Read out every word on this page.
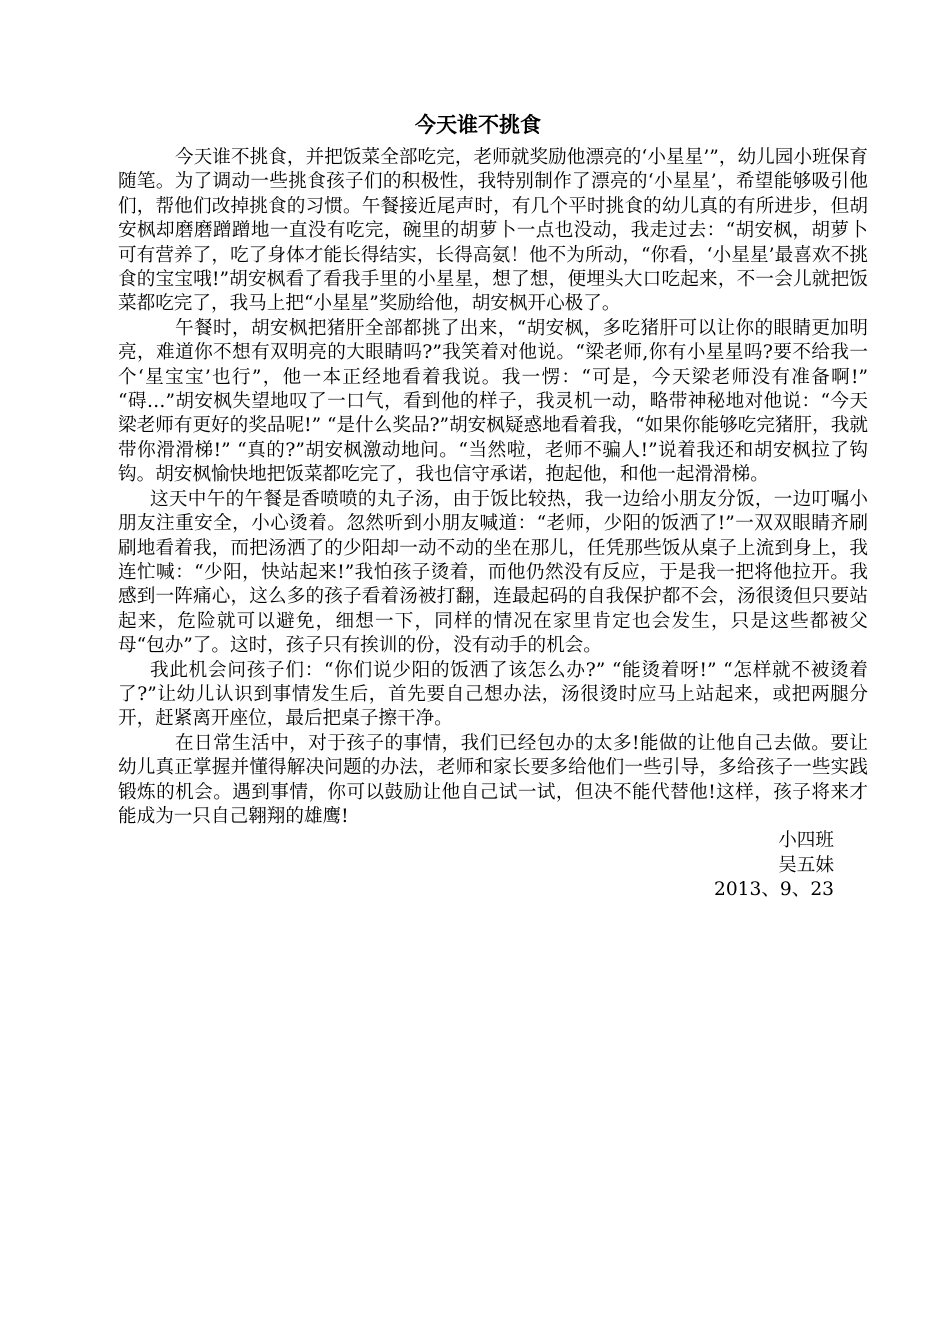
今天谁不挑食

今天谁不挑食，并把饭菜全部吃完，老师就奖励他漂亮的‘小星星’”，幼儿园小班保育随笔。为了调动一些挑食孩子们的积极性，我特别制作了漂亮的‘小星星’，希望能够吸引他们，帮他们改掉挑食的习惯。午餐接近尾声时，有几个平时挑食的幼儿真的有所进步，但胡安枫却磨磨蹭蹭地一直没有吃完，碗里的胡萝卜一点也没动，我走过去：“胡安枫，胡萝卜可有营养了，吃了身体才能长得结实，长得高氨！他不为所动，“你看，‘小星星’最喜欢不挑食的宝宝哦!”胡安枫看了看我手里的小星星，想了想，便埋头大口吃起来，不一会儿就把饭菜都吃完了，我马上把“小星星”奖励给他，胡安枫开心极了。

午餐时，胡安枫把猪肝全部都挑了出来，“胡安枫，多吃猪肝可以让你的眼睛更加明亮，难道你不想有双明亮的大眼睛吗?”我笑着对他说。“梁老师,你有小星星吗?要不给我一个‘星宝宝’也行”，他一本正经地看着我说。我一愣：“可是，今天梁老师没有准备啊!” “碍…”胡安枫失望地叹了一口气，看到他的样子，我灵机一动，略带神秘地对他说：“今天梁老师有更好的奖品呢!” “是什么奖品?”胡安枫疑惑地看着我，“如果你能够吃完猪肝，我就带你滑滑梯!” “真的?”胡安枫激动地问。“当然啦，老师不骗人!”说着我还和胡安枫拉了钩钩。胡安枫愉快地把饭菜都吃完了，我也信守承诺，抱起他，和他一起滑滑梯。

这天中午的午餐是香喷喷的丸子汤，由于饭比较热，我一边给小朋友分饭，一边叮嘱小朋友注重安全，小心烫着。忽然听到小朋友喊道：“老师，少阳的饭洒了!”一双双眼睛齐刷刷地看着我，而把汤洒了的少阳却一动不动的坐在那儿，任凭那些饭从桌子上流到身上，我连忙喊：“少阳，快站起来!”我怕孩子烫着，而他仍然没有反应，于是我一把将他拉开。我感到一阵痛心，这么多的孩子看着汤被打翻，连最起码的自我保护都不会，汤很烫但只要站起来，危险就可以避免，细想一下，同样的情况在家里肯定也会发生，只是这些都被父母“包办”了。这时，孩子只有挨训的份，没有动手的机会。

我此机会问孩子们：“你们说少阳的饭洒了该怎么办?” “能烫着呀!” “怎样就不被烫着了?”让幼儿认识到事情发生后，首先要自己想办法，汤很烫时应马上站起来，或把两腿分开，赶紧离开座位，最后把桌子擦干净。

在日常生活中，对于孩子的事情，我们已经包办的太多!能做的让他自己去做。要让幼儿真正掌握并懂得解决问题的办法，老师和家长要多给他们一些引导，多给孩子一些实践锻炼的机会。遇到事情，你可以鼓励让他自己试一试，但决不能代替他!这样，孩子将来才能成为一只自己翱翔的雄鹰!

小四班
吴五妹
2013、9、23
